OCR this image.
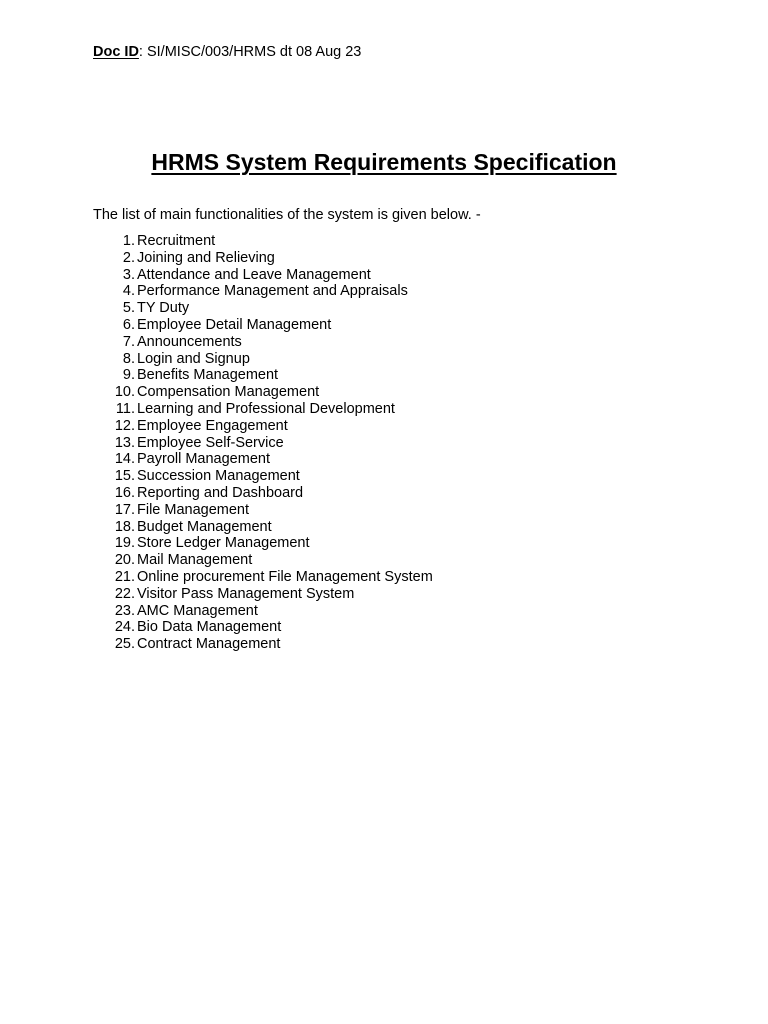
Doc ID: SI/MISC/003/HRMS dt 08 Aug 23
HRMS System Requirements Specification

The list of main functionalities of the system is given below. -

1. Recruitment
2. Joining and Relieving
3. Attendance and Leave Management
4. Performance Management and Appraisals
5. TY Duty
6. Employee Detail Management
7. Announcements
8. Login and Signup
9. Benefits Management
10. Compensation Management
11. Learning and Professional Development
12. Employee Engagement
13. Employee Self-Service
14. Payroll Management
15. Succession Management
16. Reporting and Dashboard
17. File Management
18. Budget Management
19. Store Ledger Management
20. Mail Management
21. Online procurement File Management System
22. Visitor Pass Management System
23. AMC Management
24. Bio Data Management
25. Contract Management
